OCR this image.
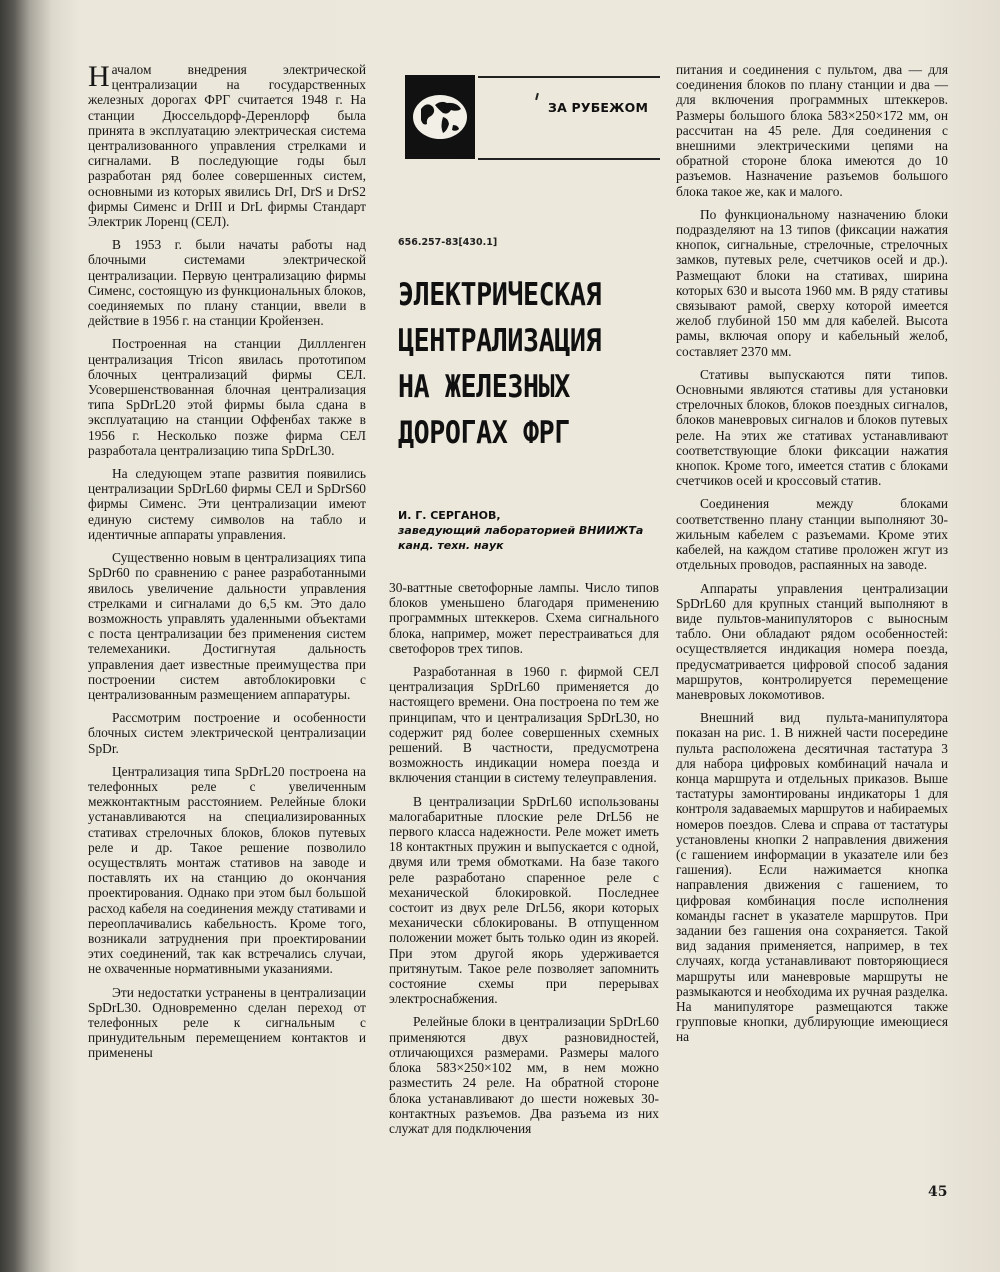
ЗА РУБЕЖОМ
656.257-83[430.1]
ЭЛЕКТРИЧЕСКАЯ
ЦЕНТРАЛИЗАЦИЯ
НА ЖЕЛЕЗНЫХ
ДОРОГАХ ФРГ
И. Г. СЕРГАНОВ,
заведующий лабораторией ВНИИЖТа
канд. техн. наук

Началом внедрения электрической централизации на государственных железных дорогах ФРГ считается 1948 г. На станции Дюссельдорф-Деренлорф была принята в эксплуатацию электрическая система централизованного управления стрелками и сигналами. В последующие годы был разработан ряд более совершенных систем, основными из которых явились DrI, DrS и DrS2 фирмы Сименс и DrIII и DrL фирмы Стандарт Электрик Лоренц (СЕЛ).

В 1953 г. были начаты работы над блочными системами электрической централизации. Первую централизацию фирмы Сименс, состоящую из функциональных блоков, соединяемых по плану станции, ввели в действие в 1956 г. на станции Кройензен.

Построенная на станции Диллленген централизация Tricon явилась прототипом блочных централизаций фирмы СЕЛ. Усовершенствованная блочная централизация типа SpDrL20 этой фирмы была сдана в эксплуатацию на станции Оффенбах также в 1956 г. Несколько позже фирма СЕЛ разработала централизацию типа SpDrL30.

На следующем этапе развития появились централизации SpDrL60 фирмы СЕЛ и SpDrS60 фирмы Сименс. Эти централизации имеют единую систему символов на табло и идентичные аппараты управления.

Существенно новым в централизациях типа SpDr60 по сравнению с ранее разработанными явилось увеличение дальности управления стрелками и сигналами до 6,5 км. Это дало возможность управлять удаленными объектами с поста централизации без применения систем телемеханики. Достигнутая дальность управления дает известные преимущества при построении систем автоблокировки с централизованным размещением аппаратуры.

Рассмотрим построение и особенности блочных систем электрической централизации SpDr.

Централизация типа SpDrL20 построена на телефонных реле с увеличенным межконтактным расстоянием. Релейные блоки устанавливаются на специализированных стативах стрелочных блоков, блоков путевых реле и др. Такое решение позволило осуществлять монтаж стативов на заводе и поставлять их на станцию до окончания проектирования. Однако при этом был большой расход кабеля на соединения между стативами и переоплачивались кабельность. Кроме того, возникали затруднения при проектировании этих соединений, так как встречались случаи, не охваченные нормативными указаниями.

Эти недостатки устранены в централизации SpDrL30. Одновременно сделан переход от телефонных реле к сигнальным с принудительным перемещением контактов и применены

30-ваттные светофорные лампы. Число типов блоков уменьшено благодаря применению программных штеккеров. Схема сигнального блока, например, может перестраиваться для светофоров трех типов.

Разработанная в 1960 г. фирмой СЕЛ централизация SpDrL60 применяется до настоящего времени. Она построена по тем же принципам, что и централизация SpDrL30, но содержит ряд более совершенных схемных решений. В частности, предусмотрена возможность индикации номера поезда и включения станции в систему телеуправления.

В централизации SpDrL60 использованы малогабаритные плоские реле DrL56 не первого класса надежности. Реле может иметь 18 контактных пружин и выпускается с одной, двумя или тремя обмотками. На базе такого реле разработано спаренное реле с механической блокировкой. Последнее состоит из двух реле DrL56, якори которых механически сблокированы. В отпущенном положении может быть только один из якорей. При этом другой якорь удерживается притянутым. Такое реле позволяет запомнить состояние схемы при перерывах электроснабжения.

Релейные блоки в централизации SpDrL60 применяются двух разновидностей, отличающихся размерами. Размеры малого блока 583×250×102 мм, в нем можно разместить 24 реле. На обратной стороне блока устанавливают до шести ножевых 30-контактных разъемов. Два разъема из них служат для подключения

питания и соединения с пультом, два — для соединения блоков по плану станции и два — для включения программных штеккеров. Размеры большого блока 583×250×172 мм, он рассчитан на 45 реле. Для соединения с внешними электрическими цепями на обратной стороне блока имеются до 10 разъемов. Назначение разъемов большого блока такое же, как и малого.

По функциональному назначению блоки подразделяют на 13 типов (фиксации нажатия кнопок, сигнальные, стрелочные, стрелочных замков, путевых реле, счетчиков осей и др.). Размещают блоки на стативах, ширина которых 630 и высота 1960 мм. В ряду стативы связывают рамой, сверху которой имеется желоб глубиной 150 мм для кабелей. Высота рамы, включая опору и кабельный желоб, составляет 2370 мм.

Стативы выпускаются пяти типов. Основными являются стативы для установки стрелочных блоков, блоков поездных сигналов, блоков маневровых сигналов и блоков путевых реле. На этих же стативах устанавливают соответствующие блоки фиксации нажатия кнопок. Кроме того, имеется статив с блоками счетчиков осей и кроссовый статив.

Соединения между блоками соответственно плану станции выполняют 30-жильным кабелем с разъемами. Кроме этих кабелей, на каждом стативе проложен жгут из отдельных проводов, распаянных на заводе.

Аппараты управления централизации SpDrL60 для крупных станций выполняют в виде пультов-манипуляторов с выносным табло. Они обладают рядом особенностей: осуществляется индикация номера поезда, предусматривается цифровой способ задания маршрутов, контролируется перемещение маневровых локомотивов.

Внешний вид пульта-манипулятора показан на рис. 1. В нижней части посередине пульта расположена десятичная тастатура 3 для набора цифровых комбинаций начала и конца маршрута и отдельных приказов. Выше тастатуры замонтированы индикаторы 1 для контроля задаваемых маршрутов и набираемых номеров поездов. Слева и справа от тастатуры установлены кнопки 2 направления движения (с гашением информации в указателе или без гашения). Если нажимается кнопка направления движения с гашением, то цифровая комбинация после исполнения команды гаснет в указателе маршрутов. При задании без гашения она сохраняется. Такой вид задания применяется, например, в тех случаях, когда устанавливают повторяющиеся маршруты или маневровые маршруты не размыкаются и необходима их ручная разделка. На манипуляторе размещаются также групповые кнопки, дублирующие имеющиеся на

45
